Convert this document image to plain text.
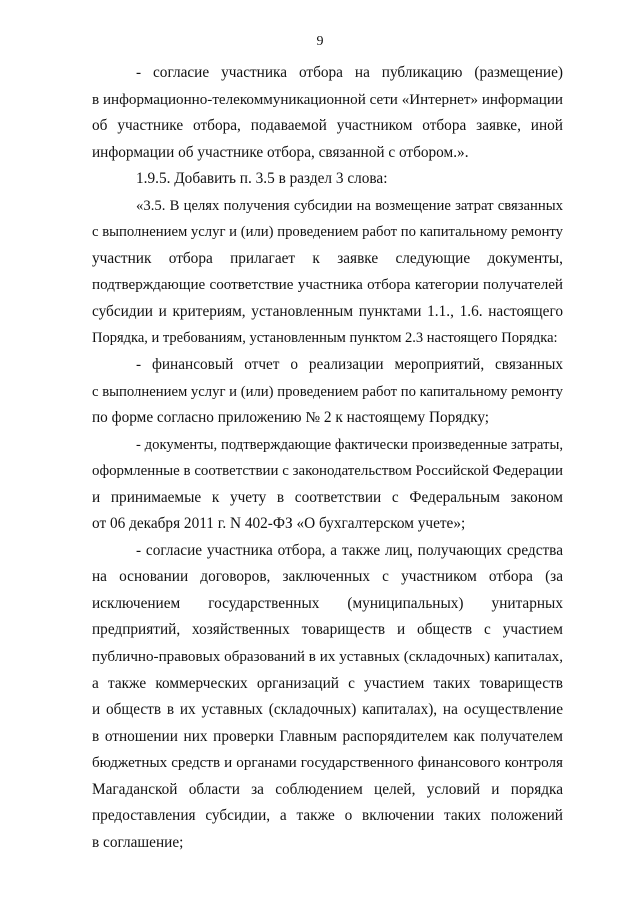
9
- согласие участника отбора на публикацию (размещение)
в информационно-телекоммуникационной сети «Интернет» информации
об участнике отбора, подаваемой участником отбора заявке, иной
информации об участнике отбора, связанной с отбором.».
1.9.5. Добавить п. 3.5 в раздел 3 слова:
«3.5. В целях получения субсидии на возмещение затрат связанных
с выполнением услуг и (или) проведением работ по капитальному ремонту
участник отбора прилагает к заявке следующие документы,
подтверждающие соответствие участника отбора категории получателей
субсидии и критериям, установленным пунктами 1.1., 1.6. настоящего
Порядка, и требованиям, установленным пунктом 2.3 настоящего Порядка:
- финансовый отчет о реализации мероприятий, связанных
с выполнением услуг и (или) проведением работ по капитальному ремонту
по форме согласно приложению № 2 к настоящему Порядку;
- документы, подтверждающие фактически произведенные затраты,
оформленные в соответствии с законодательством Российской Федерации
и принимаемые к учету в соответствии с Федеральным законом
от 06 декабря 2011 г. N 402-ФЗ «О бухгалтерском учете»;
- согласие участника отбора, а также лиц, получающих средства
на основании договоров, заключенных с участником отбора (за
исключением государственных (муниципальных) унитарных
предприятий, хозяйственных товариществ и обществ с участием
публично-правовых образований в их уставных (складочных) капиталах,
а также коммерческих организаций с участием таких товариществ
и обществ в их уставных (складочных) капиталах), на осуществление
в отношении них проверки Главным распорядителем как получателем
бюджетных средств и органами государственного финансового контроля
Магаданской области за соблюдением целей, условий и порядка
предоставления субсидии, а также о включении таких положений
в соглашение;
